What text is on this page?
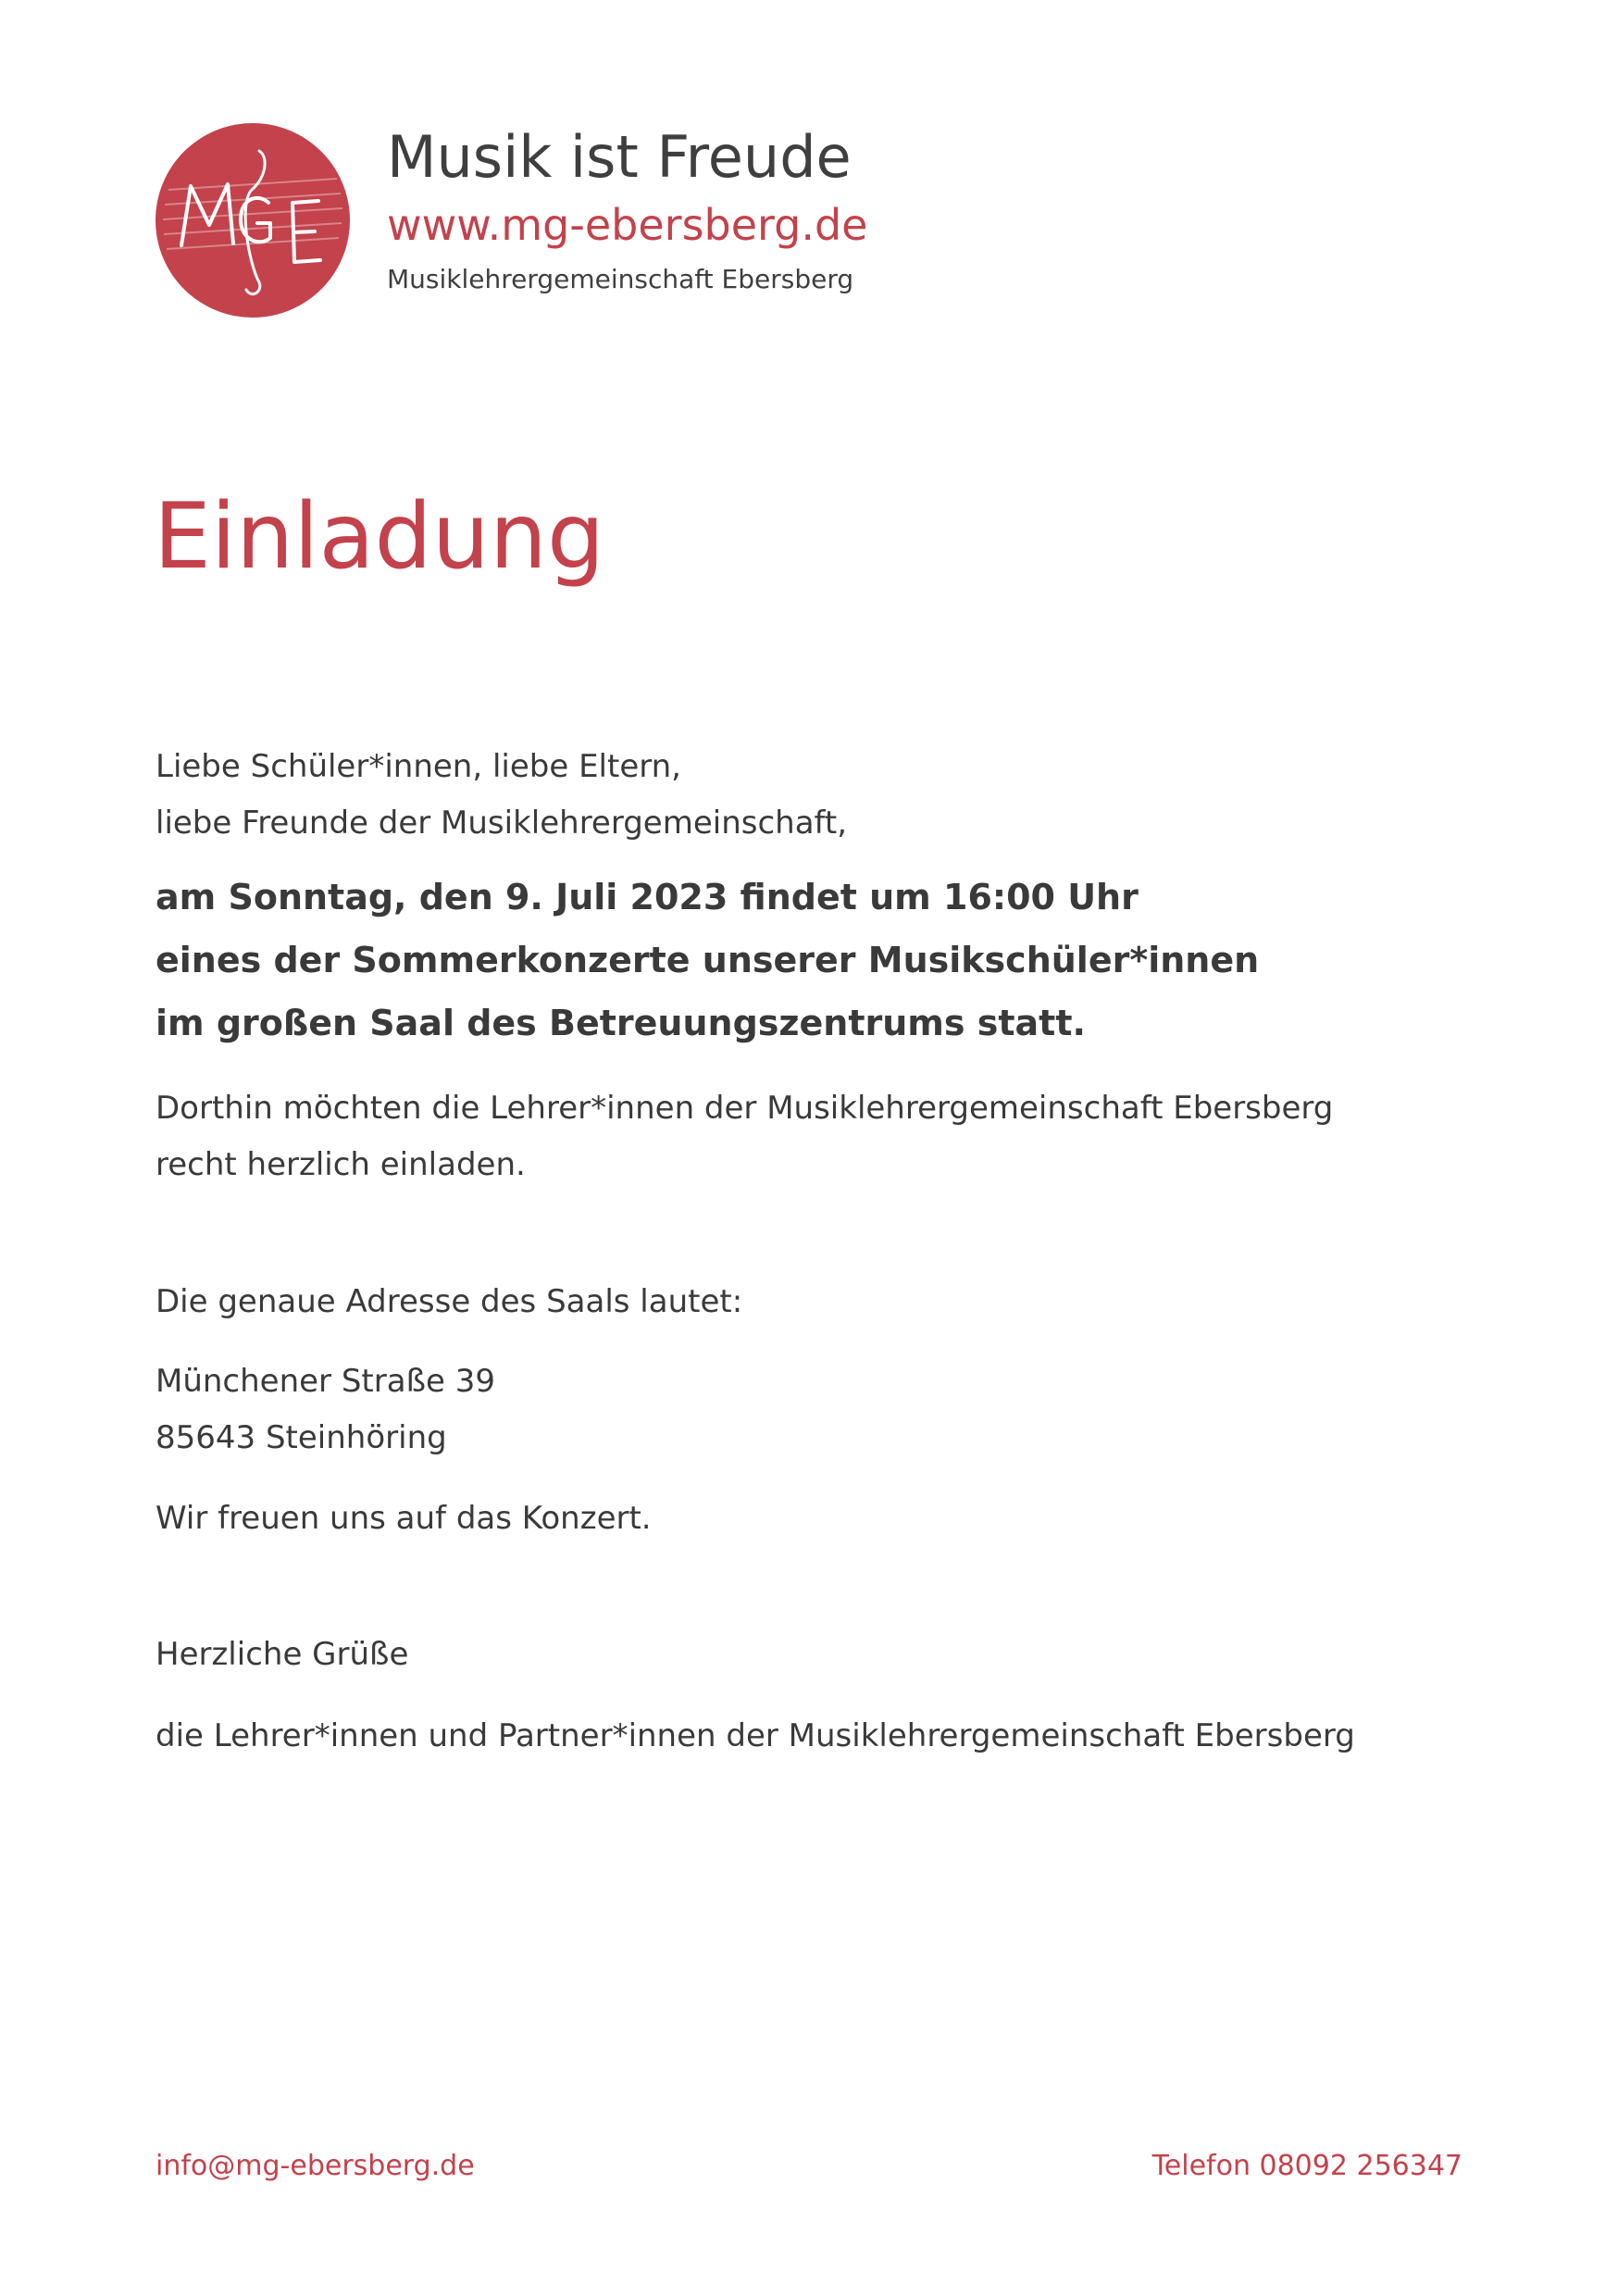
Musik ist Freude
www.mg-ebersberg.de
Musiklehrergemeinschaft Ebersberg
Einladung
Liebe Schüler*innen, liebe Eltern,
liebe Freunde der Musiklehrergemeinschaft,
am Sonntag, den 9. Juli 2023 findet um 16:00 Uhr
eines der Sommerkonzerte unserer Musikschüler*innen
im großen Saal des Betreuungszentrums statt.
Dorthin möchten die Lehrer*innen der Musiklehrergemeinschaft Ebersberg
recht herzlich einladen.
Die genaue Adresse des Saals lautet:
Münchener Straße 39
85643 Steinhöring
Wir freuen uns auf das Konzert.
Herzliche Grüße
die Lehrer*innen und Partner*innen der Musiklehrergemeinschaft Ebersberg
info@mg-ebersberg.de	Telefon 08092 256347
